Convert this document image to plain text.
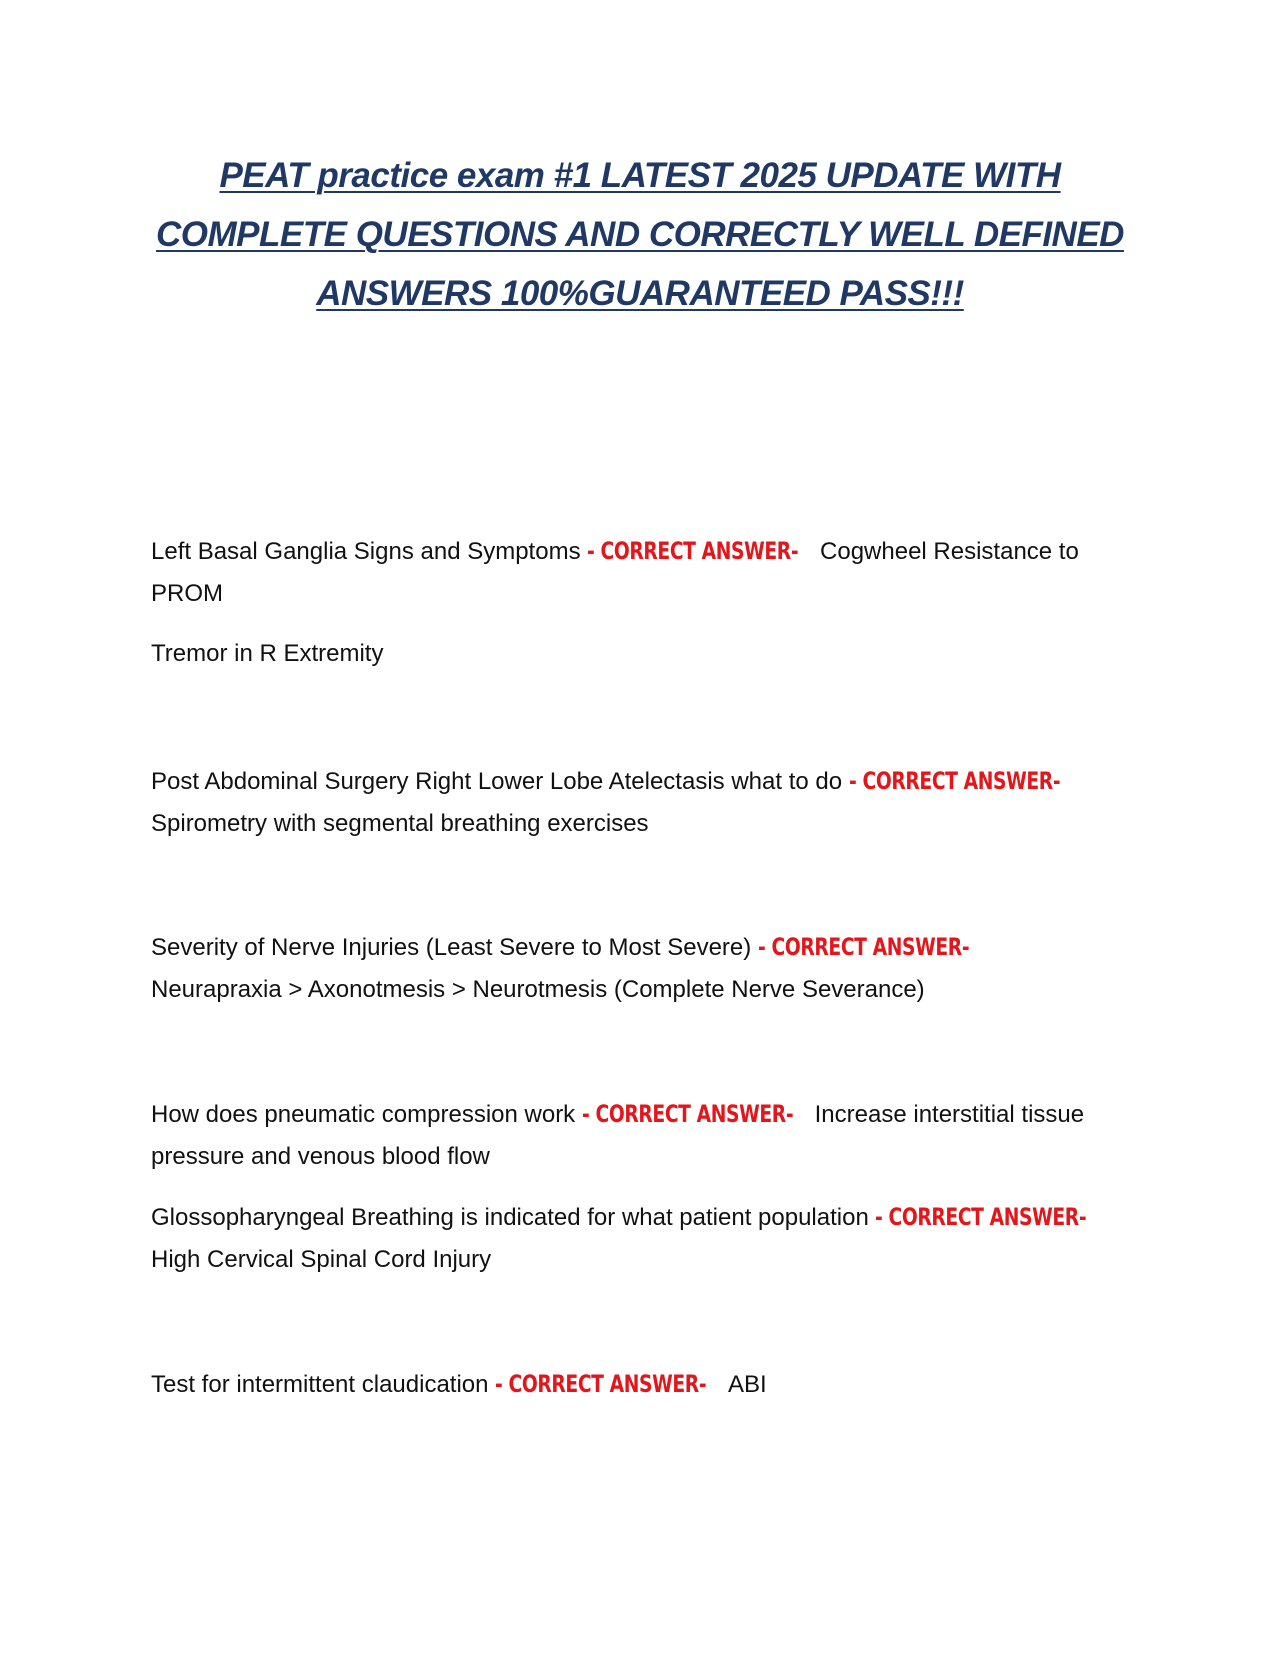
PEAT practice exam #1 LATEST 2025 UPDATE WITH COMPLETE QUESTIONS AND CORRECTLY WELL DEFINED ANSWERS 100%GUARANTEED PASS!!!
Left Basal Ganglia Signs and Symptoms - CORRECT ANSWER- Cogwheel Resistance to PROM
Tremor in R Extremity
Post Abdominal Surgery Right Lower Lobe Atelectasis what to do - CORRECT ANSWER-Spirometry with segmental breathing exercises
Severity of Nerve Injuries (Least Severe to Most Severe) - CORRECT ANSWER-
Neurapraxia > Axonotmesis > Neurotmesis (Complete Nerve Severance)
How does pneumatic compression work - CORRECT ANSWER- Increase interstitial tissue pressure and venous blood flow
Glossopharyngeal Breathing is indicated for what patient population - CORRECT ANSWER-High Cervical Spinal Cord Injury
Test for intermittent claudication - CORRECT ANSWER- ABI
